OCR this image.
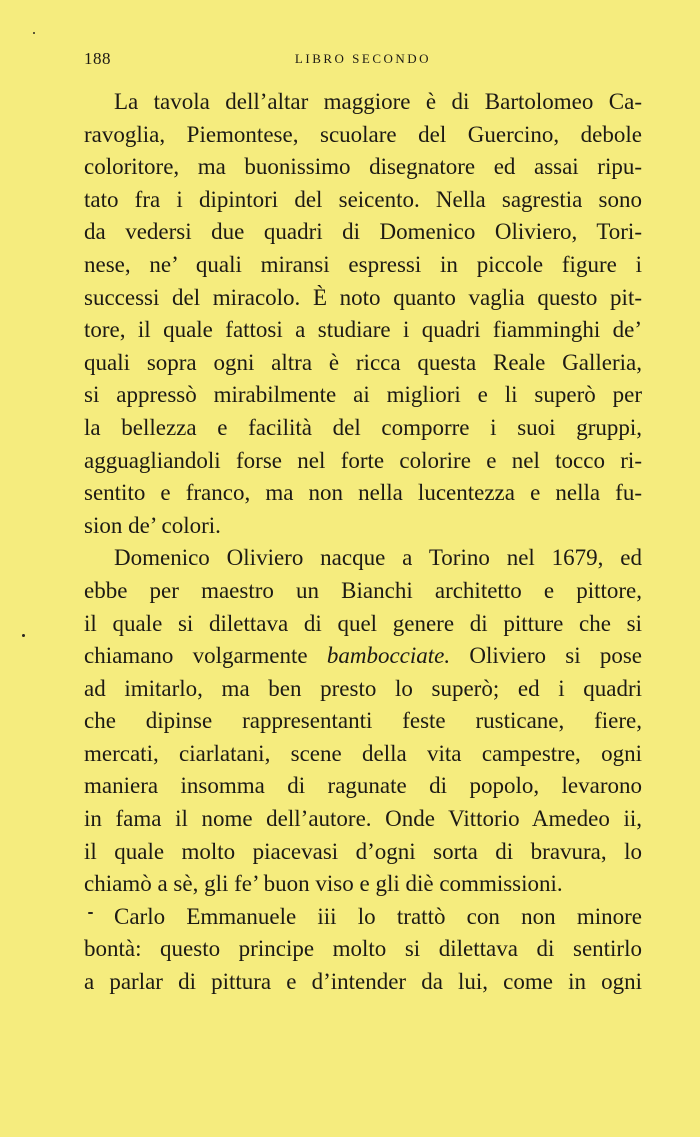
188	LIBRO SECONDO
La tavola dell’altar maggiore è di Bartolomeo Ca-
ravoglia, Piemontese, scuolare del Guercino, debole
coloritore, ma buonissimo disegnatore ed assai ripu-
tato fra i dipintori del seicento. Nella sagrestia sono
da vedersi due quadri di Domenico Oliviero, Tori-
nese, ne’ quali miransi espressi in piccole figure i
successi del miracolo. È noto quanto vaglia questo pit-
tore, il quale fattosi a studiare i quadri fiamminghi de’
quali sopra ogni altra è ricca questa Reale Galleria,
si appressò mirabilmente ai migliori e li superò per
la bellezza e facilità del comporre i suoi gruppi,
agguagliandoli forse nel forte colorire e nel tocco ri-
sentito e franco, ma non nella lucentezza e nella fu-
sion de’ colori.
Domenico Oliviero nacque a Torino nel 1679, ed
ebbe per maestro un Bianchi architetto e pittore,
il quale si dilettava di quel genere di pitture che si
chiamano volgarmente bambocciate. Oliviero si pose
ad imitarlo, ma ben presto lo superò; ed i quadri
che dipinse rappresentanti feste rusticane, fiere,
mercati, ciarlatani, scene della vita campestre, ogni
maniera insomma di ragunate di popolo, levarono
in fama il nome dell’autore. Onde Vittorio Amedeo ii,
il quale molto piacevasi d’ogni sorta di bravura, lo
chiamò a sè, gli fe’ buon viso e gli diè commissioni.
Carlo Emmanuele iii lo trattò con non minore
bontà: questo principe molto si dilettava di sentirlo
a parlar di pittura e d’intender da lui, come in ogni
